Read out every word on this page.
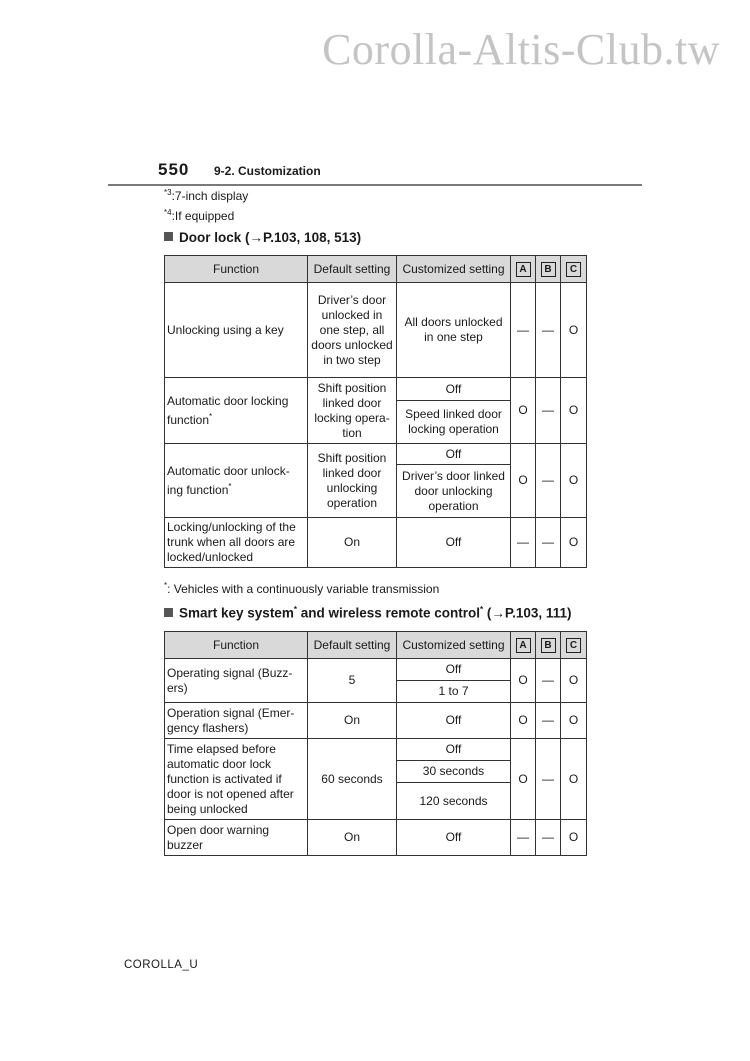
Corolla-Altis-Club.tw
550 9-2. Customization
$^{*3}$:7-inch display
$^{*4}$:If equipped
Door lock (→P.103, 108, 513)
Function	Default setting	Customized setting	A	B	C
Unlocking using a key	Driver’s door unlocked in one step, all doors unlocked in two step	All doors unlocked in one step	—	—	O
Automatic door locking function*	Shift position linked door locking opera-tion	Off	O	—	O
		Speed linked door locking operation			
Automatic door unlock-ing function*	Shift position linked door unlocking operation	Off	O	—	O
		Driver’s door linked door unlocking operation			
Locking/unlocking of the trunk when all doors are locked/unlocked	On	Off	—	—	O
*: Vehicles with a continuously variable transmission
Smart key system* and wireless remote control* (→P.103, 111)
Function	Default setting	Customized setting	A	B	C
Operating signal (Buzz-ers)	5	Off	O	—	O
		1 to 7			
Operation signal (Emer-gency flashers)	On	Off	O	—	O
Time elapsed before automatic door lock function is activated if door is not opened after being unlocked	60 seconds	Off	O	—	O
		30 seconds			
		120 seconds			
Open door warning buzzer	On	Off	—	—	O
COROLLA_U
